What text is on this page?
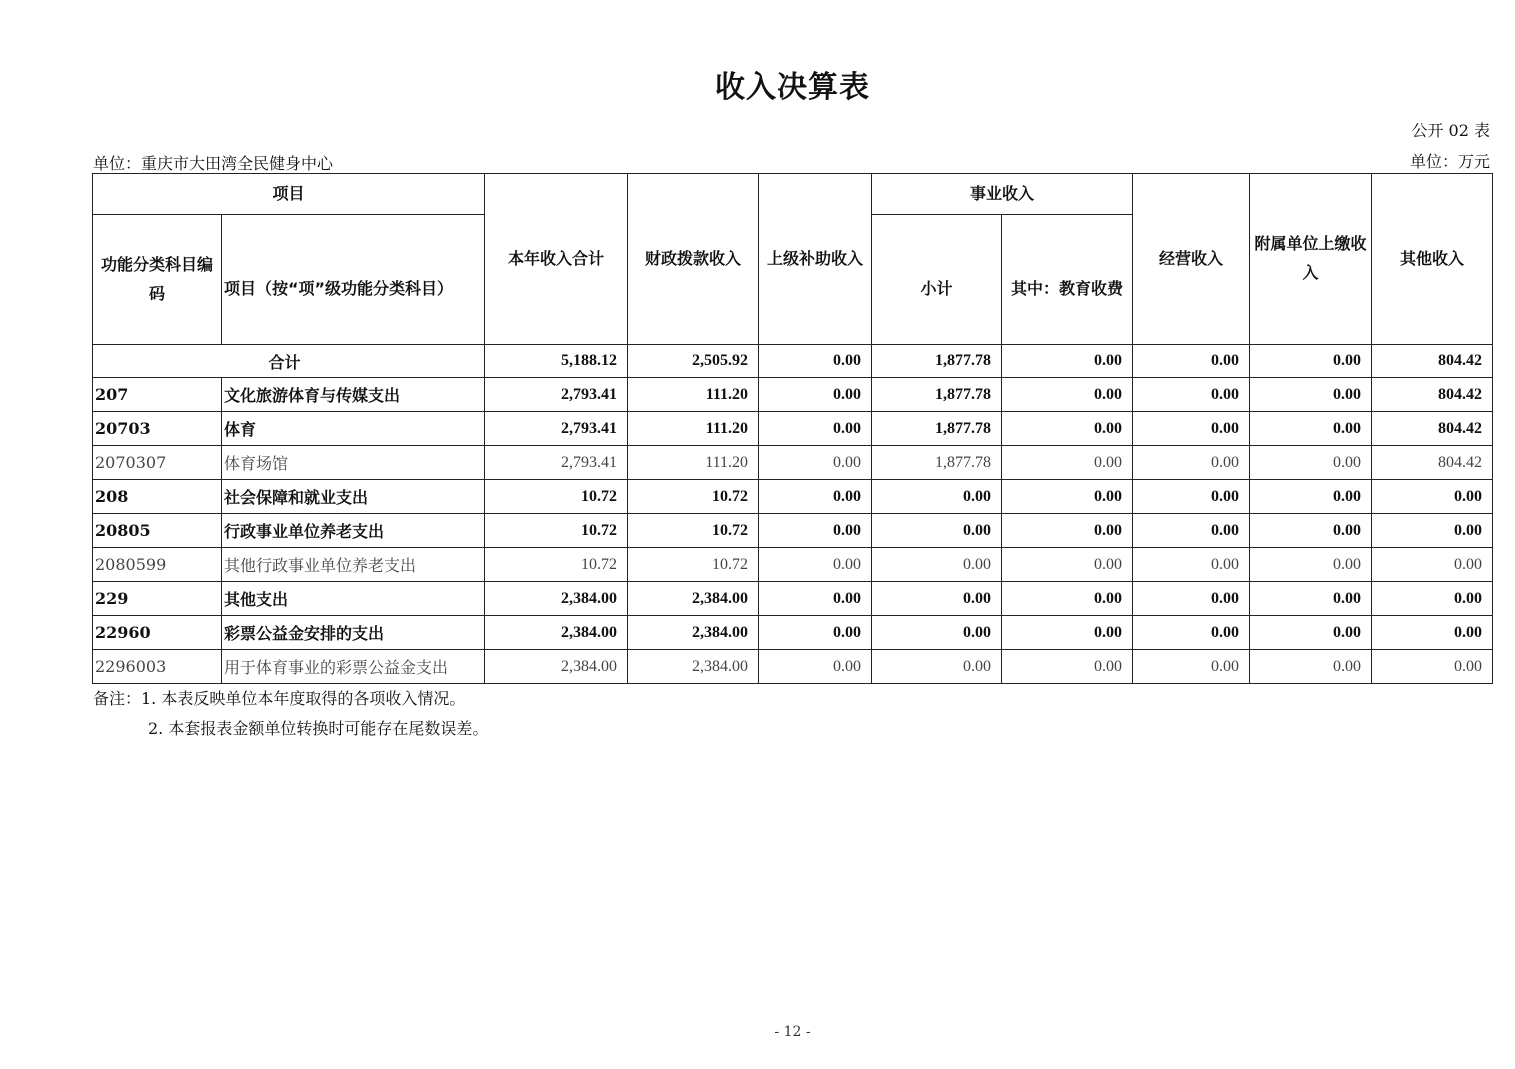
收入决算表
公开 02 表
单位：重庆市大田湾全民健身中心	单位：万元
项目		本年收入合计	财政拨款收入	上级补助收入	事业收入		经营收入	附属单位上缴收入	其他收入
功能分类科目编码	项目（按“项”级功能分类科目）				小计	其中：教育收费			
合计		5,188.12	2,505.92	0.00	1,877.78	0.00	0.00	0.00	804.42
207	文化旅游体育与传媒支出	2,793.41	111.20	0.00	1,877.78	0.00	0.00	0.00	804.42
20703	体育	2,793.41	111.20	0.00	1,877.78	0.00	0.00	0.00	804.42
2070307	体育场馆	2,793.41	111.20	0.00	1,877.78	0.00	0.00	0.00	804.42
208	社会保障和就业支出	10.72	10.72	0.00	0.00	0.00	0.00	0.00	0.00
20805	行政事业单位养老支出	10.72	10.72	0.00	0.00	0.00	0.00	0.00	0.00
2080599	其他行政事业单位养老支出	10.72	10.72	0.00	0.00	0.00	0.00	0.00	0.00
229	其他支出	2,384.00	2,384.00	0.00	0.00	0.00	0.00	0.00	0.00
22960	彩票公益金安排的支出	2,384.00	2,384.00	0.00	0.00	0.00	0.00	0.00	0.00
2296003	用于体育事业的彩票公益金支出	2,384.00	2,384.00	0.00	0.00	0.00	0.00	0.00	0.00
备注：1. 本表反映单位本年度取得的各项收入情况。
2. 本套报表金额单位转换时可能存在尾数误差。
- 12 -
